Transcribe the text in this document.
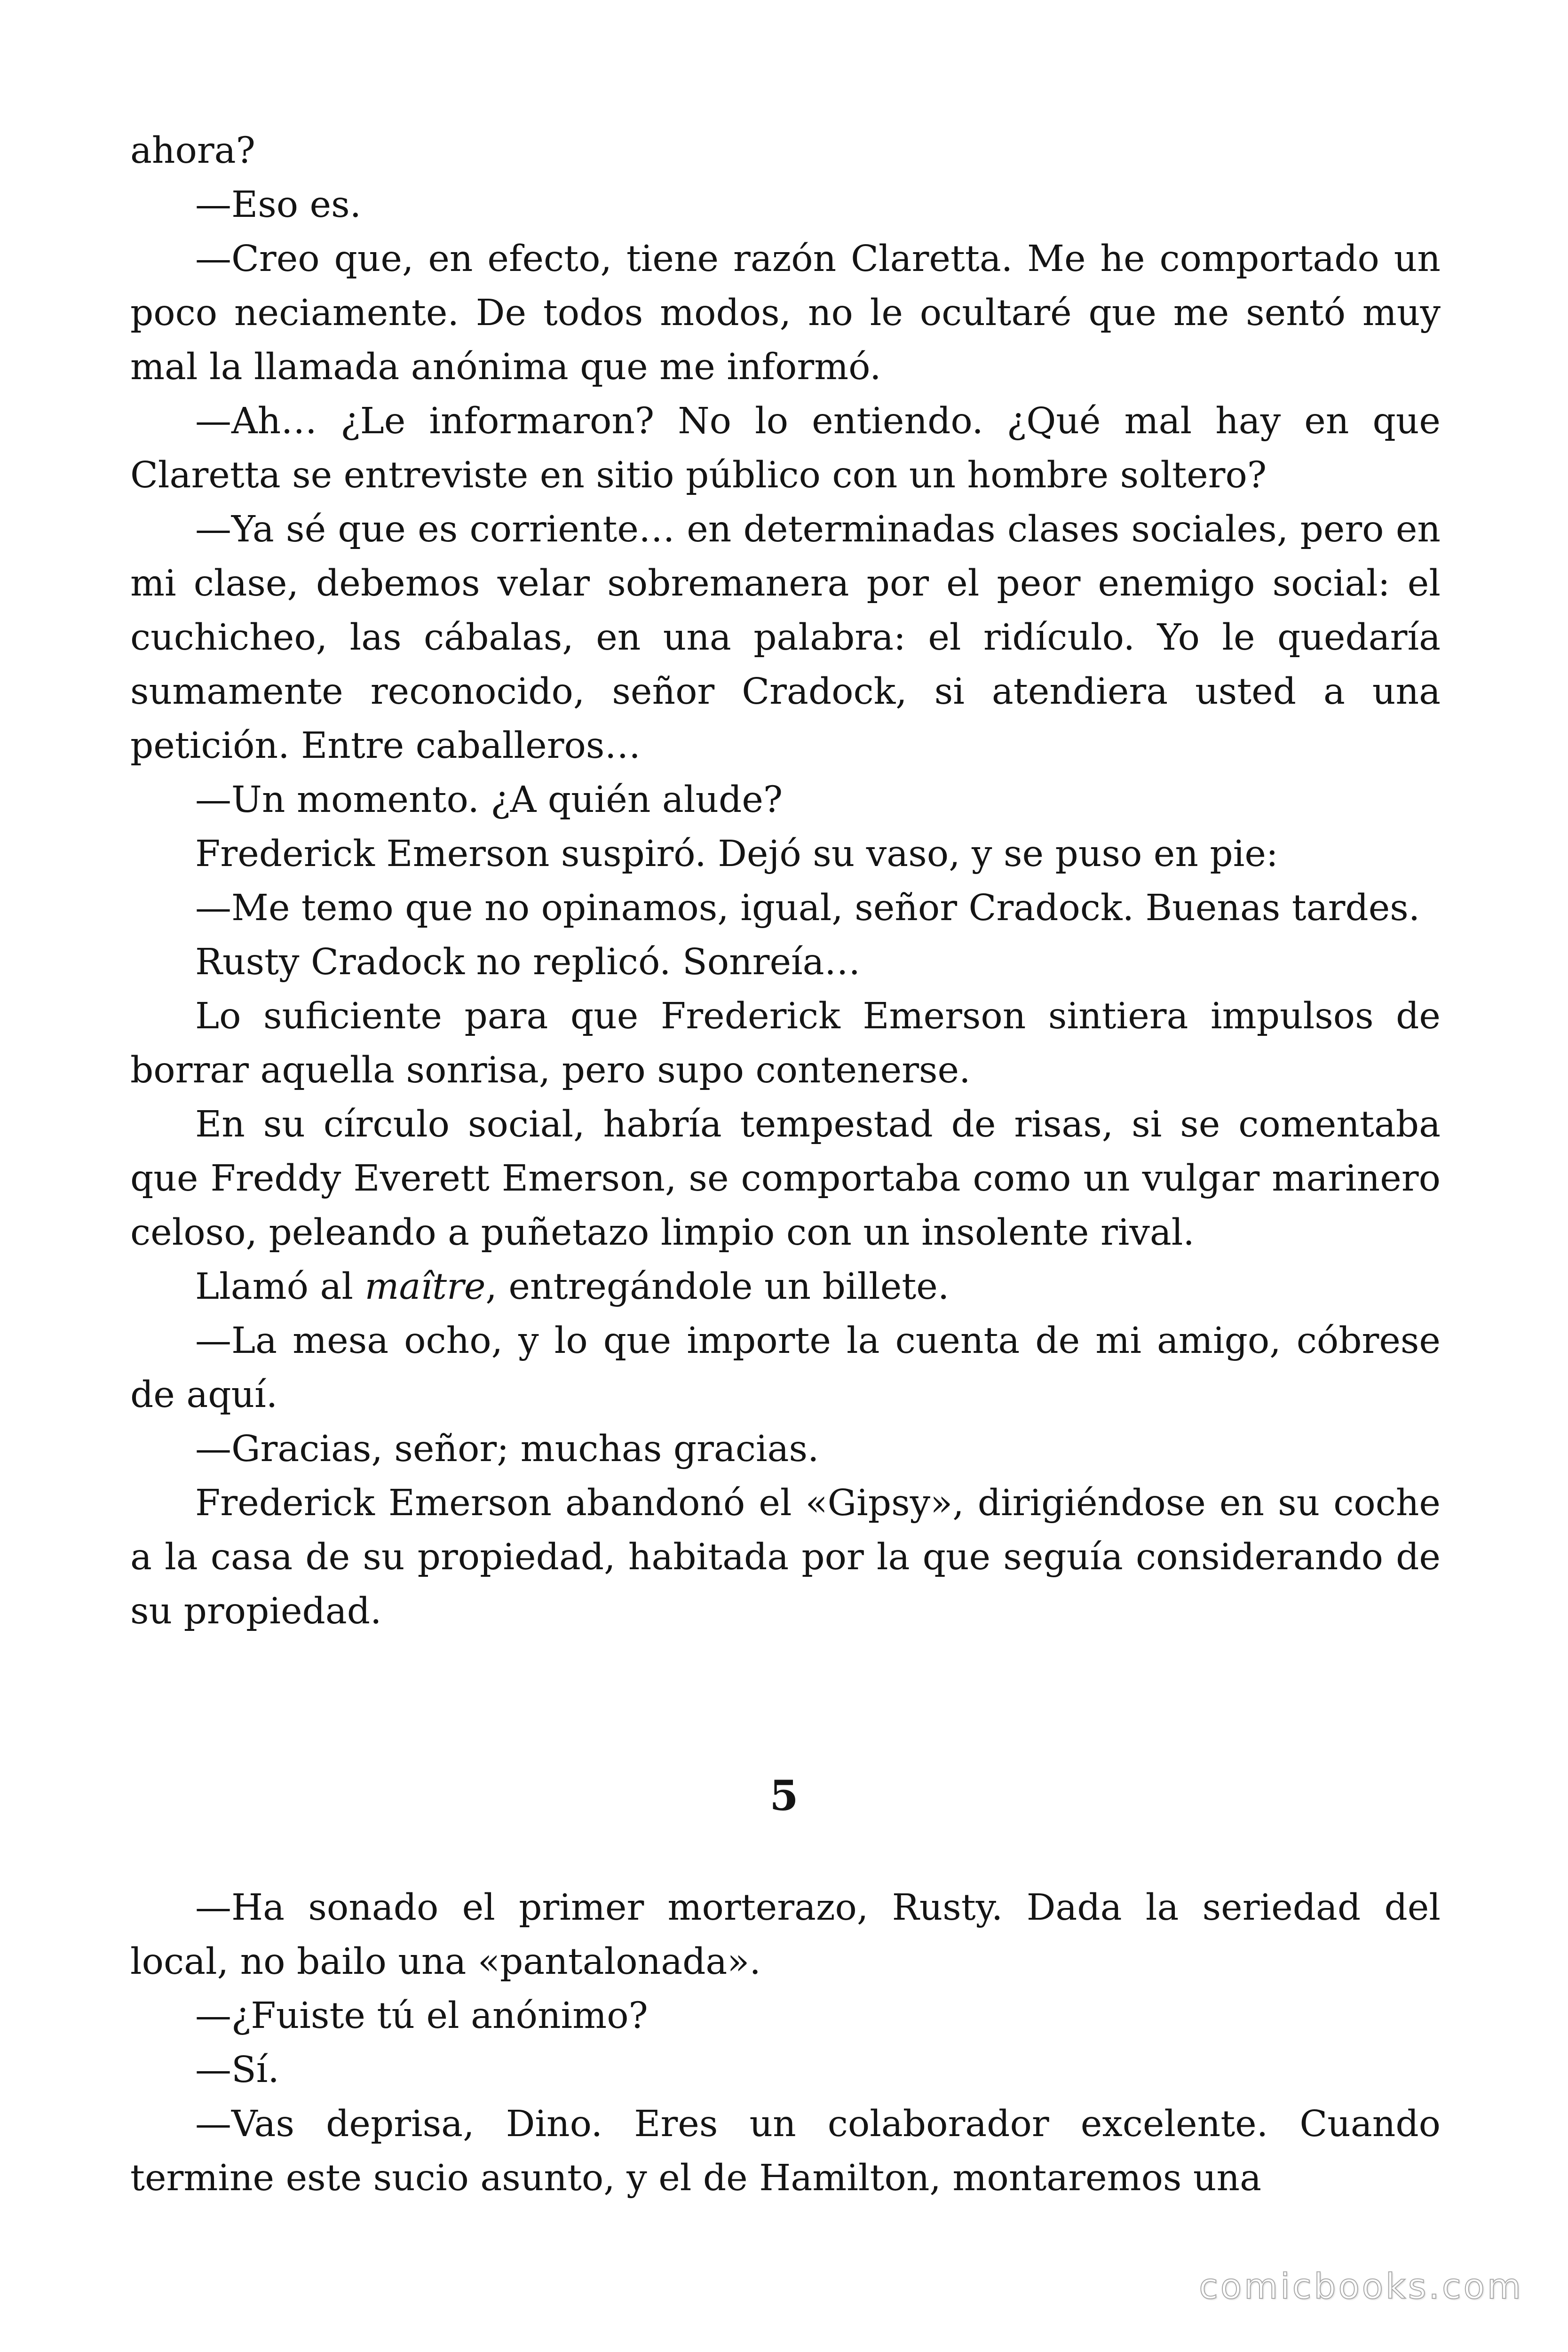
ahora?

—Eso es.

—Creo que, en efecto, tiene razón Claretta. Me he comportado un poco neciamente. De todos modos, no le ocultaré que me sentó muy mal la llamada anónima que me informó.

—Ah… ¿Le informaron? No lo entiendo. ¿Qué mal hay en que Claretta se entreviste en sitio público con un hombre soltero?

—Ya sé que es corriente… en determinadas clases sociales, pero en mi clase, debemos velar sobremanera por el peor enemigo social: el cuchicheo, las cábalas, en una palabra: el ridículo. Yo le quedaría sumamente reconocido, señor Cradock, si atendiera usted a una petición. Entre caballeros…

—Un momento. ¿A quién alude?

Frederick Emerson suspiró. Dejó su vaso, y se puso en pie:

—Me temo que no opinamos, igual, señor Cradock. Buenas tardes.

Rusty Cradock no replicó. Sonreía…

Lo suficiente para que Frederick Emerson sintiera impulsos de borrar aquella sonrisa, pero supo contenerse.

En su círculo social, habría tempestad de risas, si se comentaba que Freddy Everett Emerson, se comportaba como un vulgar marinero celoso, peleando a puñetazo limpio con un insolente rival.

Llamó al maître, entregándole un billete.

—La mesa ocho, y lo que importe la cuenta de mi amigo, cóbrese de aquí.

—Gracias, señor; muchas gracias.

Frederick Emerson abandonó el «Gipsy», dirigiéndose en su coche a la casa de su propiedad, habitada por la que seguía considerando de su propiedad.

5

—Ha sonado el primer morterazo, Rusty. Dada la seriedad del local, no bailo una «pantalonada».

—¿Fuiste tú el anónimo?

—Sí.

—Vas deprisa, Dino. Eres un colaborador excelente. Cuando termine este sucio asunto, y el de Hamilton, montaremos una

comicbooks.com
